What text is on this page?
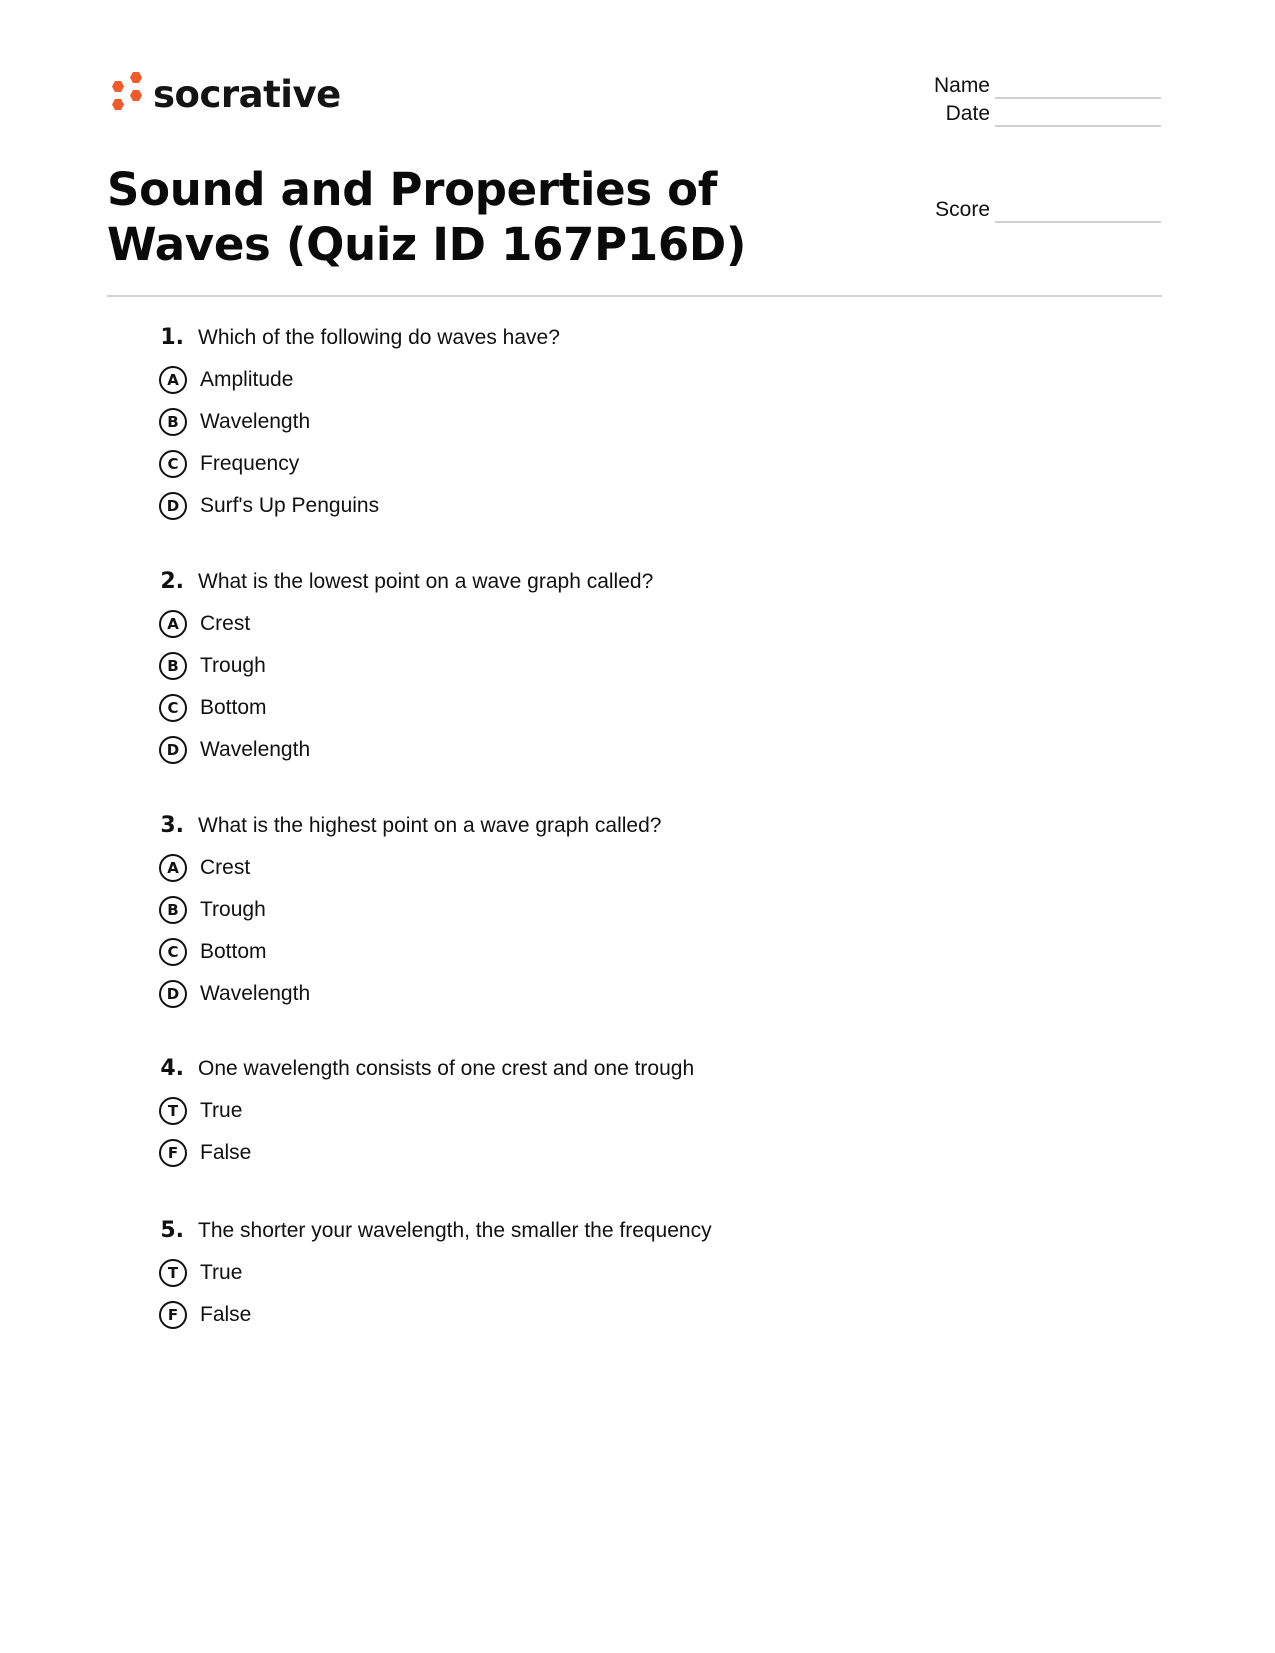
socrative	Name
Date
Score
Sound and Properties of Waves (Quiz ID 167P16D)
1. Which of the following do waves have?
A	Amplitude
B	Wavelength
C	Frequency
D Surf's Up Penguins
2. What is the lowest point on a wave graph called?
A	Crest
B	Trough
C	Bottom
D Wavelength
3. What is the highest point on a wave graph called?
A	Crest
B	Trough
C	Bottom
D Wavelength
4. One wavelength consists of one crest and one trough
T	True
F	False
5. The shorter your wavelength, the smaller the frequency
T	True
F	False
